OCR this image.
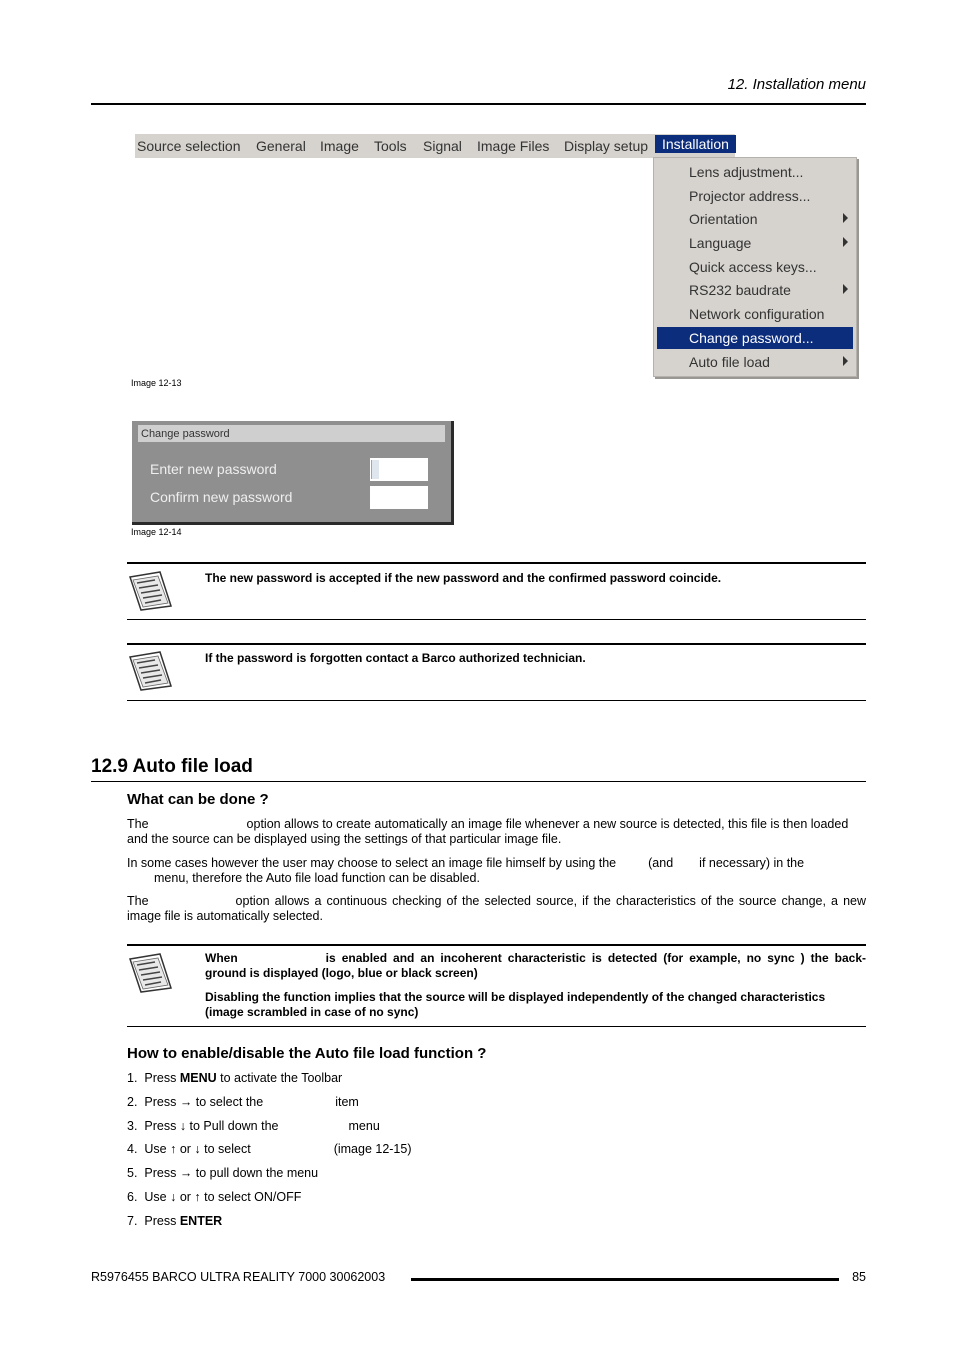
12. Installation menu
Source selection General Image Tools Signal Image Files Display setup Installation
Lens adjustment...
Projector address...
Orientation
Language
Quick access keys...
RS232 baudrate
Network configuration
Change password...
Auto file load
Image 12-13
Change password
Enter new password
Confirm new password
Image 12-14
The new password is accepted if the new password and the confirmed password coincide.
If the password is forgotten contact a Barco authorized technician.
12.9 Auto file load
What can be done ?
The	option allows to create automatically an image file whenever a new source is detected, this file is then loaded and the source can be displayed using the settings of that particular image file.
In some cases however the user may choose to select an image file himself by using the	(and if necessary) in the
menu, therefore the Auto file load function can be disabled.
The	option allows a continuous checking of the selected source, if the characteristics of the source change, a new image file is automatically selected.
When	is enabled and an incoherent characteristic is detected (for example, no sync ) the back-ground is displayed (logo, blue or black screen)
Disabling the function implies that the source will be displayed independently of the changed characteristics (image scrambled in case of no sync)
How to enable/disable the Auto file load function ?
1. Press MENU to activate the Toolbar
2. Press → to select the	item
3. Press ↓ to Pull down the	menu
4. Use ↑ or ↓ to select	(image 12-15)
5. Press → to pull down the menu
6. Use ↓ or ↑ to select ON/OFF
7. Press ENTER
R5976455 BARCO ULTRA REALITY 7000 30062003	85
